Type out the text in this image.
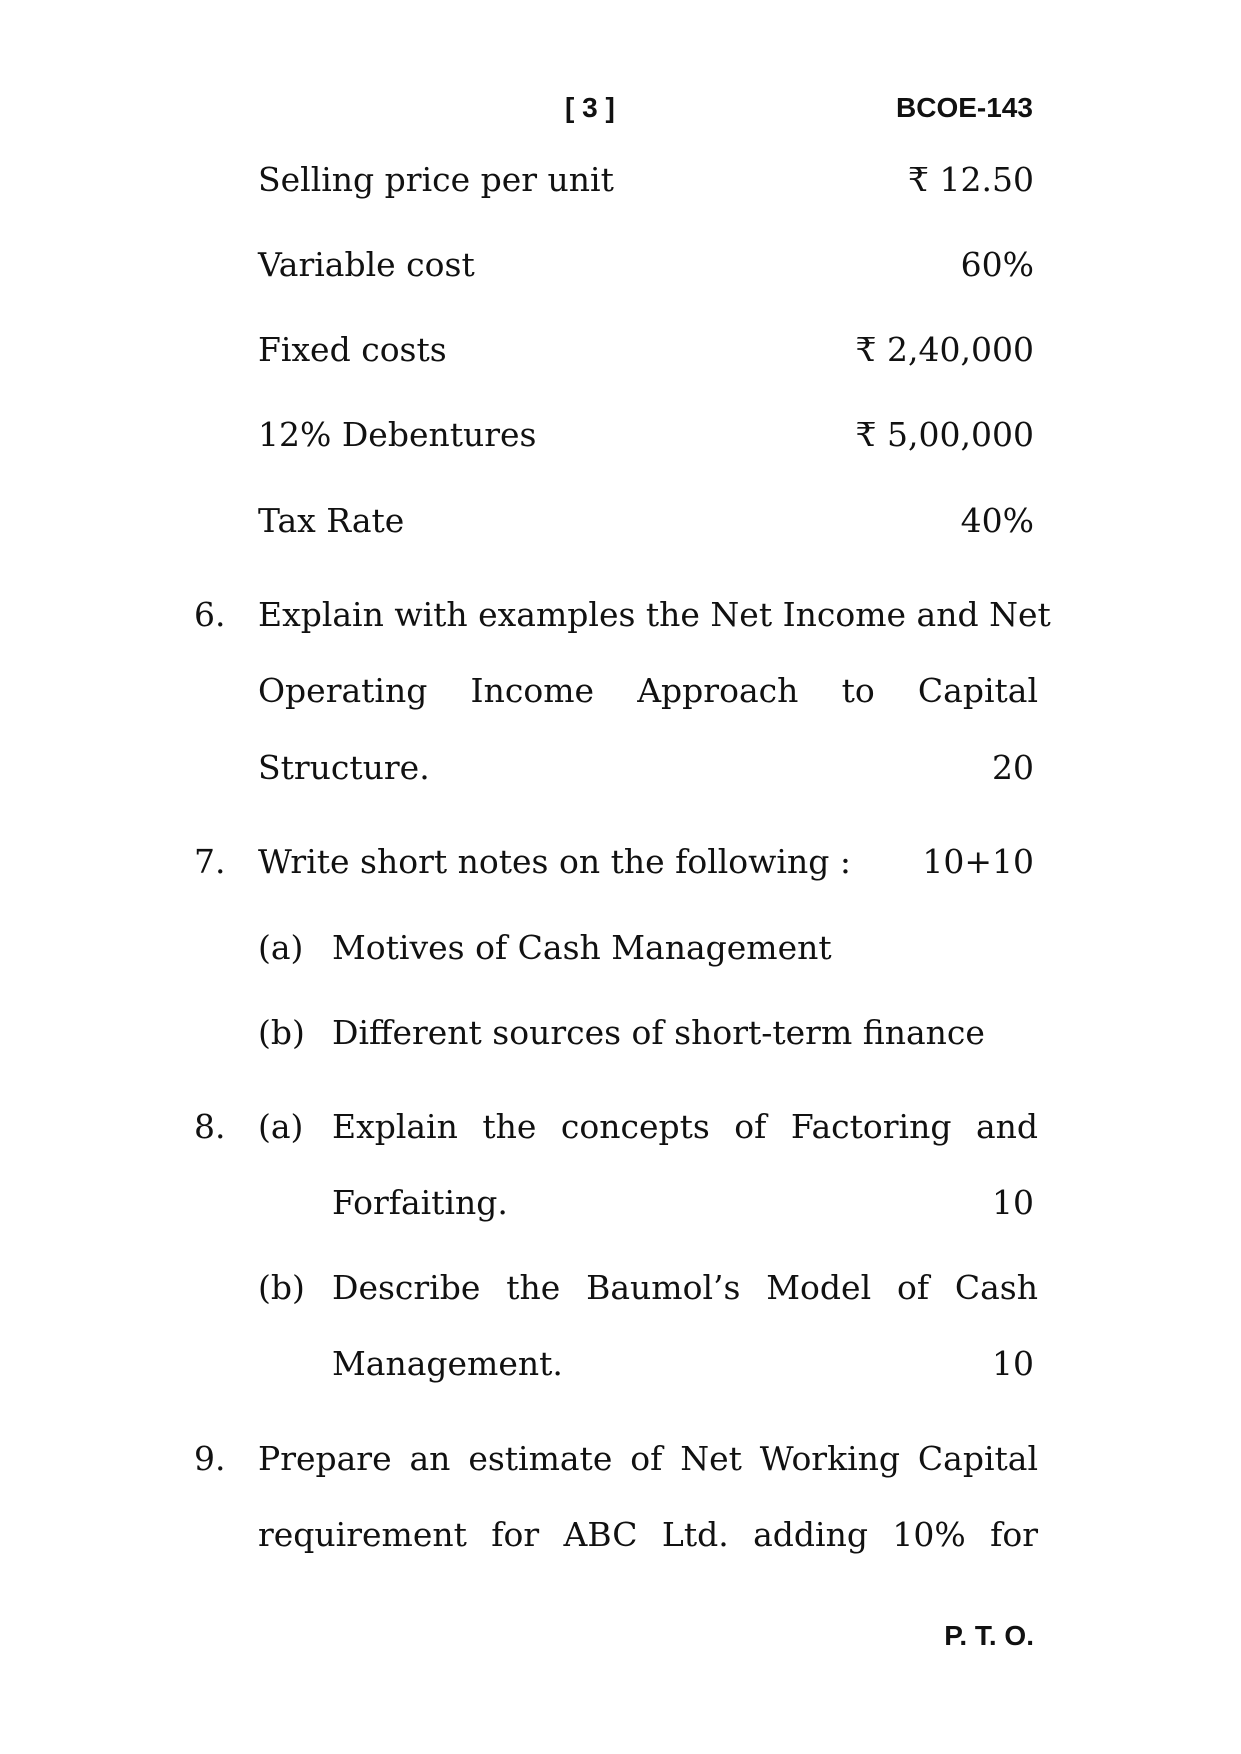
[ 3 ]	BCOE-143
Selling price per unit	₹ 12.50
Variable cost	60%
Fixed costs	₹ 2,40,000
12% Debentures	₹ 5,00,000
Tax Rate	40%
6. Explain with examples the Net Income and Net
Operating Income Approach to Capital
Structure.	20
7. Write short notes on the following : 10+10
(a) Motives of Cash Management
(b) Different sources of short-term finance
8. (a) Explain the concepts of Factoring and
Forfaiting.	10
(b) Describe the Baumol’s Model of Cash
Management.	10
9. Prepare an estimate of Net Working Capital
requirement for ABC Ltd. adding 10% for
P. T. O.
